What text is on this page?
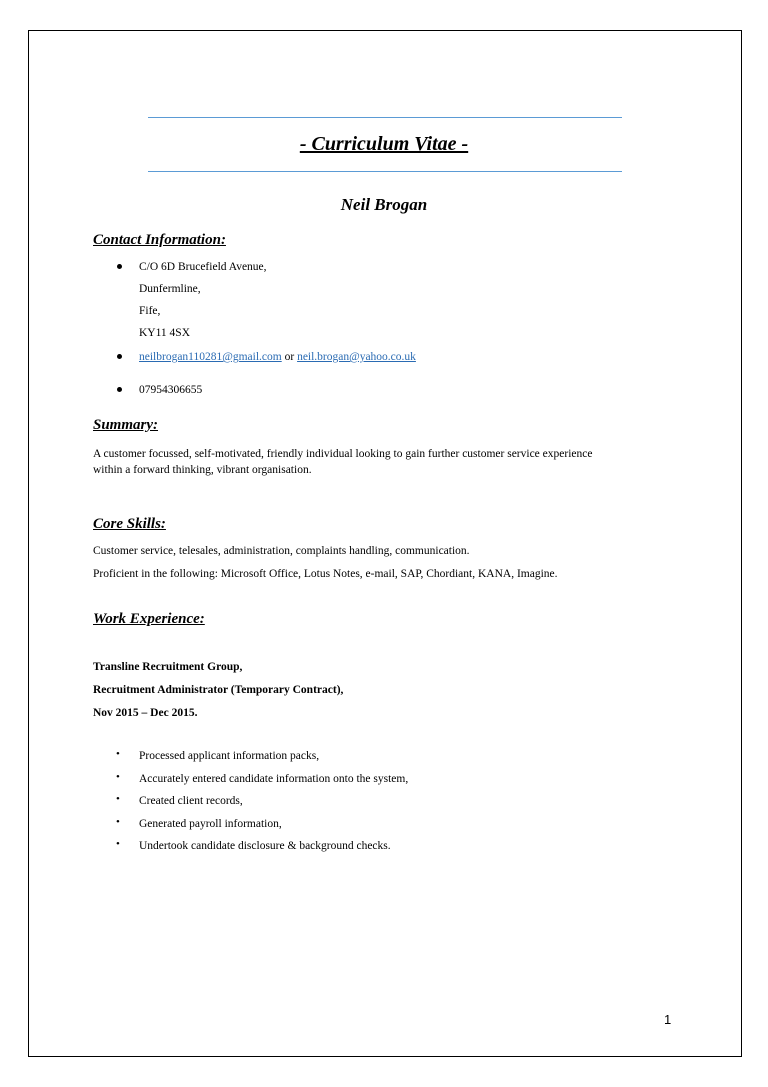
- Curriculum Vitae -
Neil Brogan
Contact Information:
C/O 6D Brucefield Avenue,
Dunfermline,
Fife,
KY11 4SX
neilbrogan110281@gmail.com or neil.brogan@yahoo.co.uk
07954306655
Summary:
A customer focussed, self-motivated, friendly individual looking to gain further customer service experience
within a forward thinking, vibrant organisation.
Core Skills:
Customer service, telesales, administration, complaints handling, communication.
Proficient in the following: Microsoft Office, Lotus Notes, e-mail, SAP, Chordiant, KANA, Imagine.
Work Experience:
Transline Recruitment Group,
Recruitment Administrator (Temporary Contract),
Nov 2015 – Dec 2015.
• Processed applicant information packs,
• Accurately entered candidate information onto the system,
• Created client records,
• Generated payroll information,
• Undertook candidate disclosure & background checks.
1
